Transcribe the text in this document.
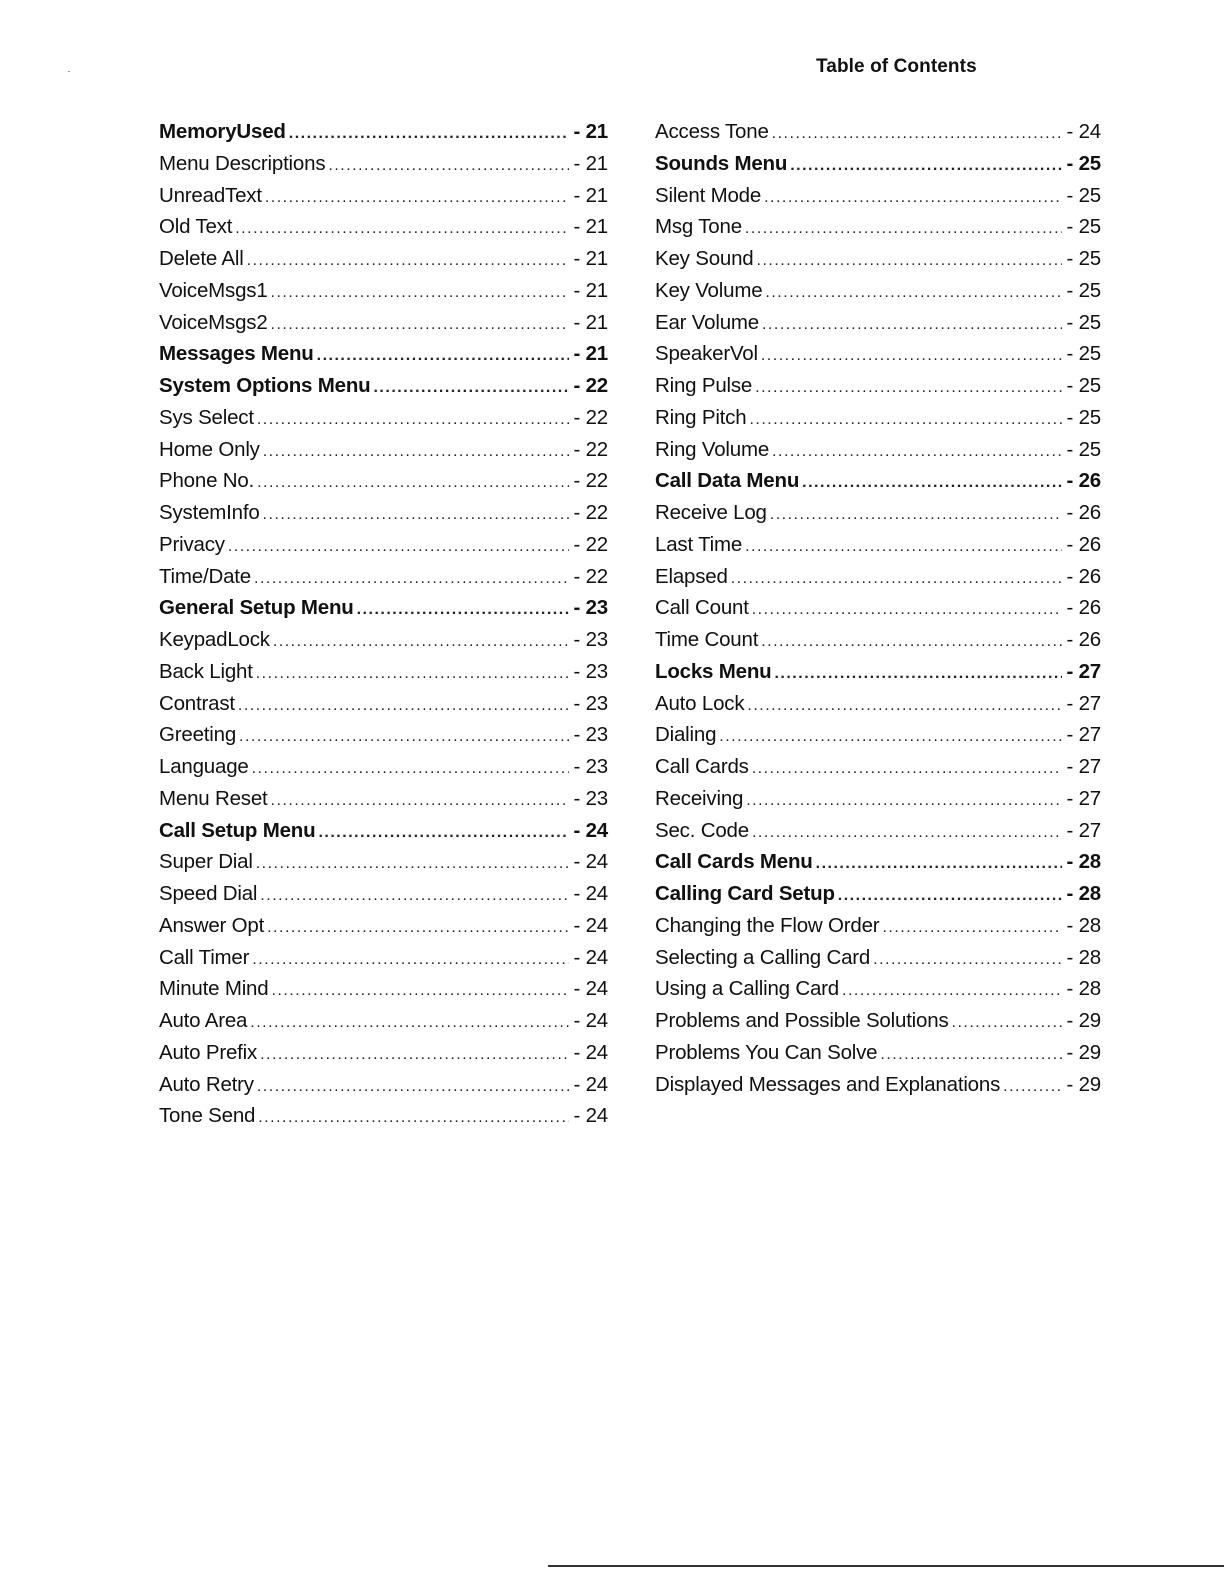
Table of Contents
MemoryUsed .....	- 21
Menu Descriptions .....	- 21
UnreadText .....	- 21
Old Text .....	- 21
Delete All .....	- 21
VoiceMsgs1 .....	- 21
VoiceMsgs2 .....	- 21
Messages Menu .....	- 21
System Options Menu .....	- 22
Sys Select .....	- 22
Home Only .....	- 22
Phone No. .....	- 22
SystemInfo .....	- 22
Privacy .....	- 22
Time/Date .....	- 22
General Setup Menu .....	- 23
KeypadLock .....	- 23
Back Light .....	- 23
Contrast .....	- 23
Greeting .....	- 23
Language .....	- 23
Menu Reset .....	- 23
Call Setup Menu .....	- 24
Super Dial .....	- 24
Speed Dial .....	- 24
Answer Opt .....	- 24
Call Timer .....	- 24
Minute Mind .....	- 24
Auto Area .....	- 24
Auto Prefix .....	- 24
Auto Retry .....	- 24
Tone Send .....	- 24
Access Tone .....	- 24
Sounds Menu .....	- 25
Silent Mode .....	- 25
Msg Tone .....	- 25
Key Sound .....	- 25
Key Volume .....	- 25
Ear Volume .....	- 25
SpeakerVol .....	- 25
Ring Pulse .....	- 25
Ring Pitch .....	- 25
Ring Volume .....	- 25
Call Data Menu .....	- 26
Receive Log .....	- 26
Last Time .....	- 26
Elapsed .....	- 26
Call Count .....	- 26
Time Count .....	- 26
Locks Menu .....	- 27
Auto Lock .....	- 27
Dialing .....	- 27
Call Cards .....	- 27
Receiving .....	- 27
Sec. Code .....	- 27
Call Cards Menu .....	- 28
Calling Card Setup .....	- 28
Changing the Flow Order .....	- 28
Selecting a Calling Card .....	- 28
Using a Calling Card .....	- 28
Problems and Possible Solutions .....	- 29
Problems You Can Solve .....	- 29
Displayed Messages and Explanations .....	- 29
